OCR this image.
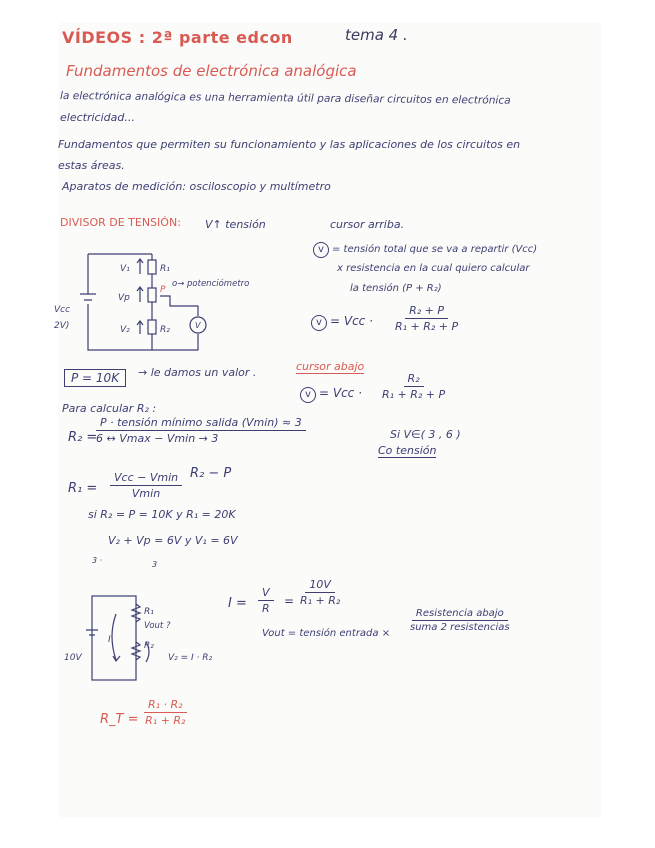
VÍDEOS : 2ª parte edcon	tema 4 .
Fundamentos de electrónica analógica
la electrónica analógica es una herramienta útil para diseñar circuitos en electrónica
electricidad...
Fundamentos que permiten su funcionamiento y las aplicaciones de los circuitos en
estas áreas.
Aparatos de medición: osciloscopio y multímetro
DIVISOR DE TENSIÓN: V↑ tensión	cursor arriba.
V₁	R₁
Vp
P
o→ potenciómetro
V₂	R₂
Vcc
2V)	V
v = tensión total que se va a repartir (Vcc)
x resistencia en la cual quiero calcular
la tensión (P + R₂)
v = Vcc · $\frac{\text{R₂ + P}}{\text{R₁ + R₂ + P}}$
P = 10K	→ le damos un valor .	cursor abajo
v = Vcc · $\frac{\text{R₂}}{\text{R₁ + R₂ + P}}$
Si V∈( 3 , 6 )
Co tensión
Para calcular R₂ :
R₂ =
P · tensión mínimo salida (Vmin) ≈ 3
6 ↔ Vmax − Vmin → 3
R₁ =
Vcc − Vmin
Vmin
R₂ − P
si R₂ = P = 10K y R₁ = 20K
3 ·
V₂ + Vp = 6V y V₁ = 6V
3
R₁
Vout ?
R₂
I
10V	V₂ = I · R₂
$I = \frac{V}{R} = \frac{10V}{\text{R₁ + R₂}}$
Vout = tensión entrada ×
Resistencia abajo
suma 2 resistencias
R_T = $\frac{\text{R₁ · R₂}}{\text{R₁ + R₂}}$
